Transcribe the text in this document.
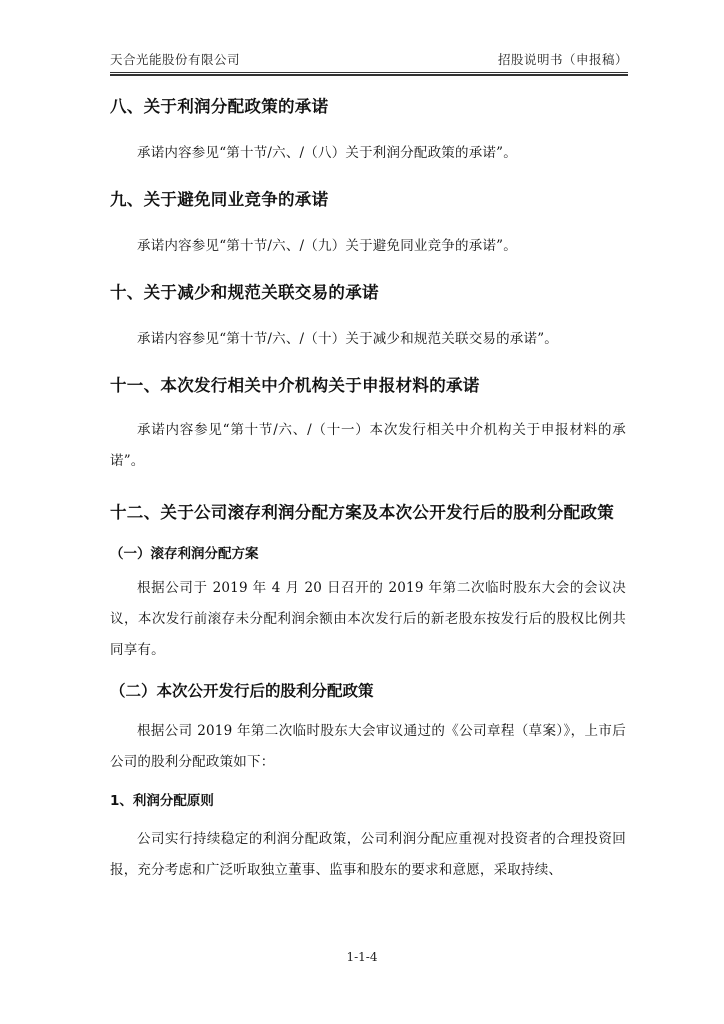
天合光能股份有限公司	招股说明书（申报稿）
八、关于利润分配政策的承诺

承诺内容参见“第十节/六、/（八）关于利润分配政策的承诺”。

九、关于避免同业竞争的承诺

承诺内容参见“第十节/六、/（九）关于避免同业竞争的承诺”。

十、关于减少和规范关联交易的承诺

承诺内容参见“第十节/六、/（十）关于减少和规范关联交易的承诺”。

十一、本次发行相关中介机构关于申报材料的承诺

承诺内容参见“第十节/六、/（十一）本次发行相关中介机构关于申报材料的承诺”。

十二、关于公司滚存利润分配方案及本次公开发行后的股利分配政策
（一）滚存利润分配方案

根据公司于 2019 年 4 月 20 日召开的 2019 年第二次临时股东大会的会议决议，本次发行前滚存未分配利润余额由本次发行后的新老股东按发行后的股权比例共同享有。

（二）本次公开发行后的股利分配政策

根据公司 2019 年第二次临时股东大会审议通过的《公司章程（草案）》，上市后公司的股利分配政策如下：

1、利润分配原则

公司实行持续稳定的利润分配政策，公司利润分配应重视对投资者的合理投资回报，充分考虑和广泛听取独立董事、监事和股东的要求和意愿，采取持续、

1-1-4
